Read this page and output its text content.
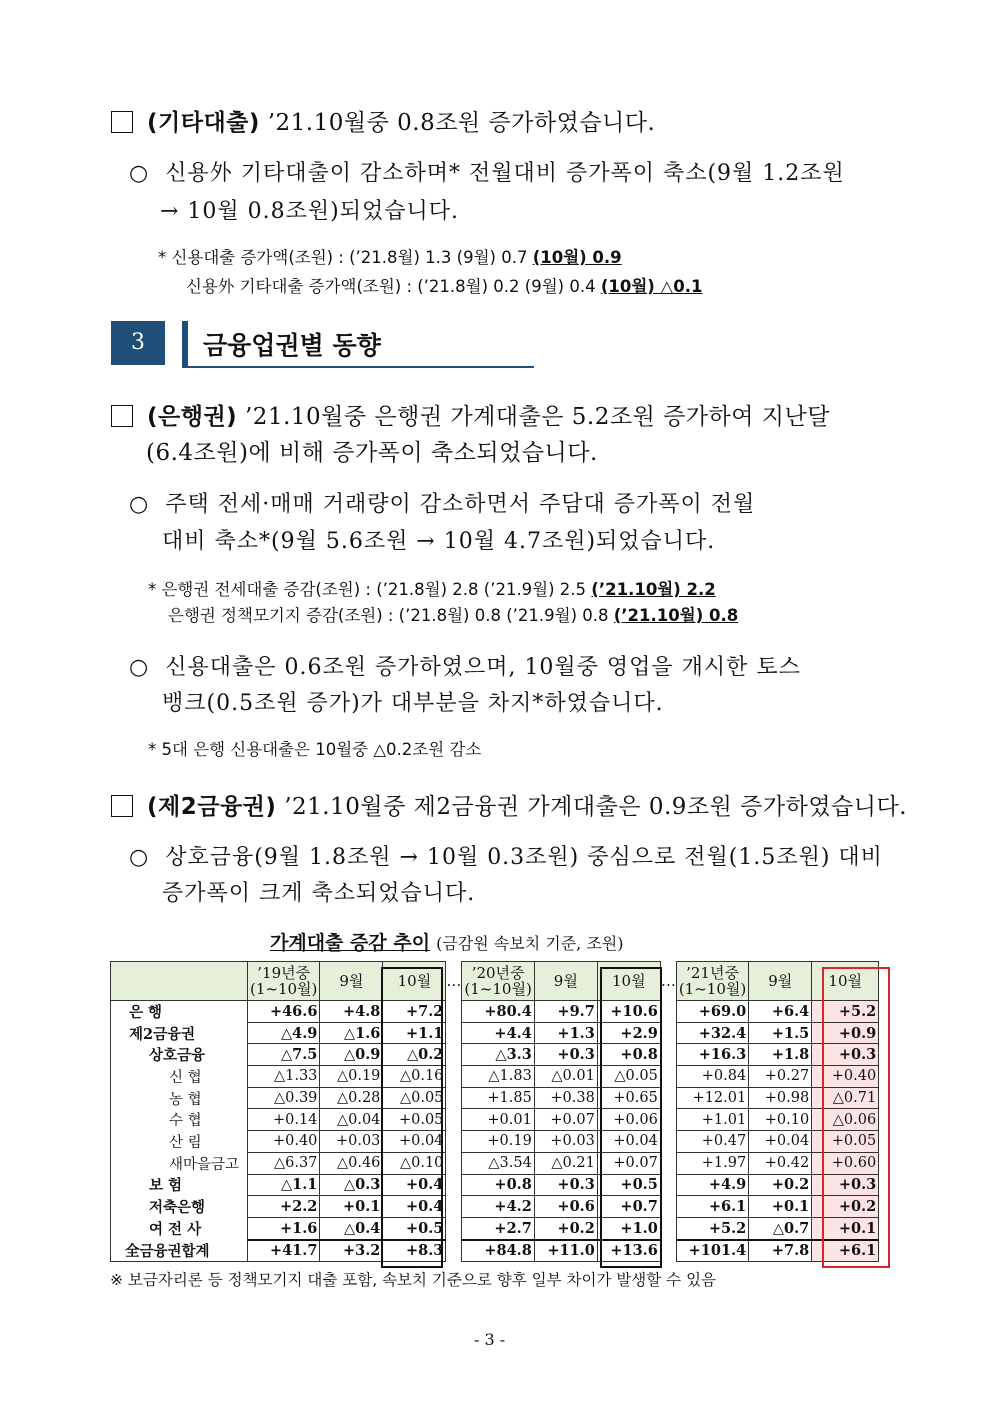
(기타대출) ’21.10월중 0.8조원 증가하였습니다.
○ 신용外 기타대출이 감소하며* 전월대비 증가폭이 축소(9월 1.2조원
→ 10월 0.8조원)되었습니다.
* 신용대출 증가액(조원) : (’21.8월) 1.3 (9월) 0.7 (10월) 0.9
신용外 기타대출 증가액(조원) : (’21.8월) 0.2 (9월) 0.4 (10월) △0.1
3	금융업권별 동향
(은행권) ’21.10월중 은행권 가계대출은 5.2조원 증가하여 지난달
(6.4조원)에 비해 증가폭이 축소되었습니다.
○ 주택 전세·매매 거래량이 감소하면서 주담대 증가폭이 전월
대비 축소*(9월 5.6조원 → 10월 4.7조원)되었습니다.
* 은행권 전세대출 증감(조원) : (’21.8월) 2.8 (’21.9월) 2.5 (’21.10월) 2.2
은행권 정책모기지 증감(조원) : (’21.8월) 0.8 (’21.9월) 0.8 (’21.10월) 0.8
○ 신용대출은 0.6조원 증가하였으며, 10월중 영업을 개시한 토스
뱅크(0.5조원 증가)가 대부분을 차지*하였습니다.
* 5대 은행 신용대출은 10월중 △0.2조원 감소
(제2금융권) ’21.10월중 제2금융권 가계대출은 0.9조원 증가하였습니다.
○ 상호금융(9월 1.8조원 → 10월 0.3조원) 중심으로 전월(1.5조원) 대비
증가폭이 크게 축소되었습니다.
가계대출 증감 추이 (금감원 속보치 기준, 조원)
	’19년중
(1~10월)	9월	10월	…	’20년중
(1~10월)	9월	10월	…	’21년중
(1~10월)	9월	10월
은 행	+46.6	+4.8	+7.2		+80.4	+9.7	+10.6		+69.0	+6.4	+5.2
제2금융권	△4.9	△1.6	+1.1		+4.4	+1.3	+2.9		+32.4	+1.5	+0.9
상호금융	△7.5	△0.9	△0.2		△3.3	+0.3	+0.8		+16.3	+1.8	+0.3
신 협	△1.33	△0.19	△0.16		△1.83	△0.01	△0.05		+0.84	+0.27	+0.40
농 협	△0.39	△0.28	△0.05		+1.85	+0.38	+0.65		+12.01	+0.98	△0.71
수 협	+0.14	△0.04	+0.05		+0.01	+0.07	+0.06		+1.01	+0.10	△0.06
산 림	+0.40	+0.03	+0.04		+0.19	+0.03	+0.04		+0.47	+0.04	+0.05
새마을금고	△6.37	△0.46	△0.10		△3.54	△0.21	+0.07		+1.97	+0.42	+0.60
보 험	△1.1	△0.3	+0.4		+0.8	+0.3	+0.5		+4.9	+0.2	+0.3
저축은행	+2.2	+0.1	+0.4		+4.2	+0.6	+0.7		+6.1	+0.1	+0.2
여 전 사	+1.6	△0.4	+0.5		+2.7	+0.2	+1.0		+5.2	△0.7	+0.1
全금융권합계	+41.7	+3.2	+8.3		+84.8	+11.0	+13.6		+101.4	+7.8	+6.1
※ 보금자리론 등 정책모기지 대출 포함, 속보치 기준으로 향후 일부 차이가 발생할 수 있음
- 3 -
